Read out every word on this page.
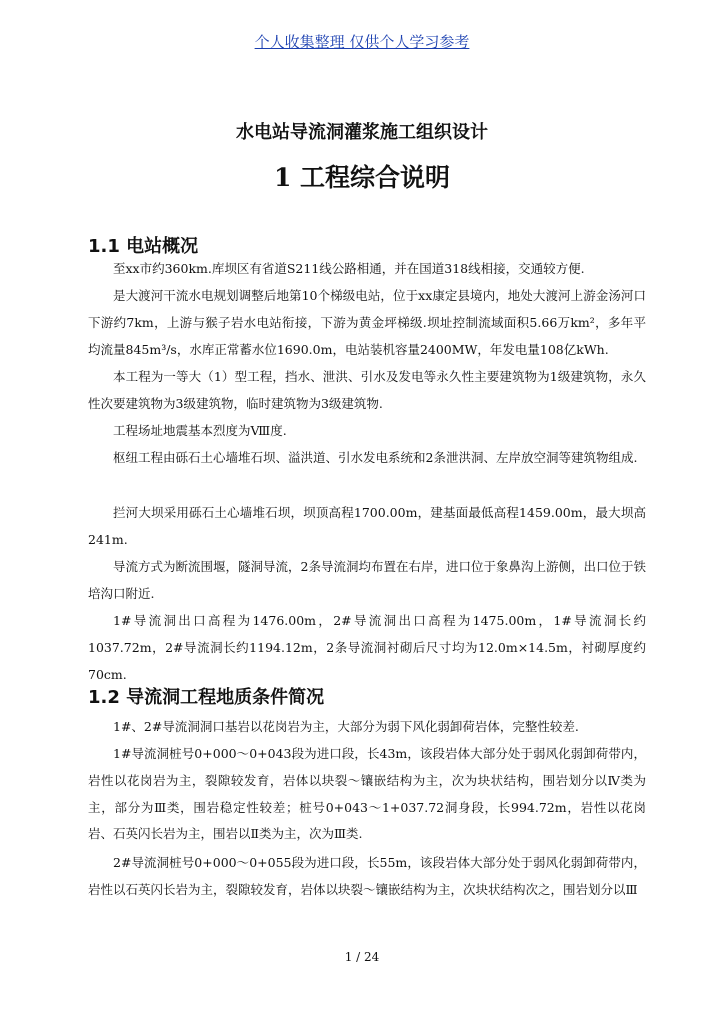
个人收集整理 仅供个人学习参考
水电站导流洞灌浆施工组织设计
1 工程综合说明
1.1 电站概况
至xx市约360km.库坝区有省道S211线公路相通，并在国道318线相接，交通较方便.
是大渡河干流水电规划调整后地第10个梯级电站，位于xx康定县境内，地处大渡河上游金汤河口下游约7km，上游与猴子岩水电站衔接，下游为黄金坪梯级.坝址控制流域面积5.66万km²，多年平均流量845m³/s，水库正常蓄水位1690.0m，电站装机容量2400MW，年发电量108亿kWh.
本工程为一等大（1）型工程，挡水、泄洪、引水及发电等永久性主要建筑物为1级建筑物，永久性次要建筑物为3级建筑物，临时建筑物为3级建筑物.
工程场址地震基本烈度为Ⅷ度.
枢纽工程由砾石土心墙堆石坝、溢洪道、引水发电系统和2条泄洪洞、左岸放空洞等建筑物组成.
拦河大坝采用砾石土心墙堆石坝，坝顶高程1700.00m，建基面最低高程1459.00m，最大坝高241m.
导流方式为断流围堰，隧洞导流，2条导流洞均布置在右岸，进口位于象鼻沟上游侧，出口位于铁培沟口附近.
1#导流洞出口高程为1476.00m，2#导流洞出口高程为1475.00m，1#导流洞长约1037.72m，2#导流洞长约1194.12m，2条导流洞衬砌后尺寸均为12.0m×14.5m，衬砌厚度约70cm.
1.2 导流洞工程地质条件简况
1#、2#导流洞洞口基岩以花岗岩为主，大部分为弱下风化弱卸荷岩体，完整性较差.
1#导流洞桩号0+000～0+043段为进口段，长43m，该段岩体大部分处于弱风化弱卸荷带内，岩性以花岗岩为主，裂隙较发育，岩体以块裂～镶嵌结构为主，次为块状结构，围岩划分以Ⅳ类为主，部分为Ⅲ类，围岩稳定性较差；桩号0+043～1+037.72洞身段，长994.72m，岩性以花岗岩、石英闪长岩为主，围岩以Ⅱ类为主，次为Ⅲ类.
2#导流洞桩号0+000～0+055段为进口段，长55m，该段岩体大部分处于弱风化弱卸荷带内，岩性以石英闪长岩为主，裂隙较发育，岩体以块裂～镶嵌结构为主，次块状结构次之，围岩划分以Ⅲ
1 / 24
